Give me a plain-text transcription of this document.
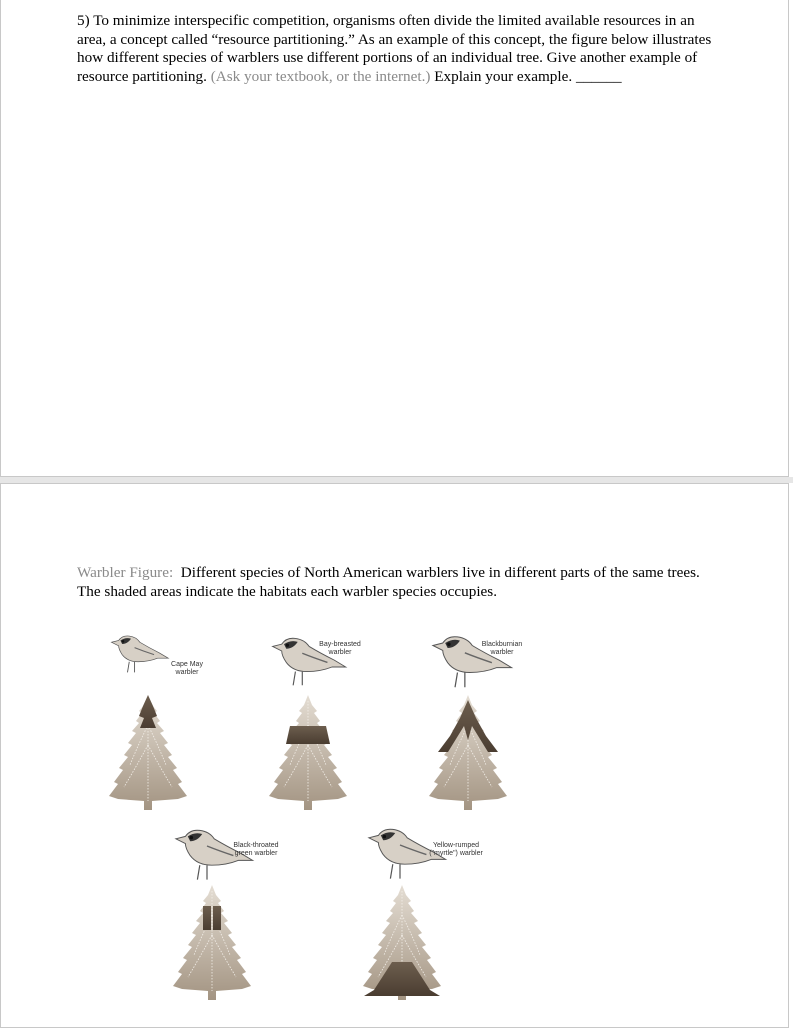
5) To minimize interspecific competition, organisms often divide the limited available resources in an area, a concept called “resource partitioning.” As an example of this concept, the figure below illustrates how different species of warblers use different portions of an individual tree. Give another example of resource partitioning. (Ask your textbook, or the internet.) Explain your example. ______
Warbler Figure: Different species of North American warblers live in different parts of the same trees. The shaded areas indicate the habitats each warbler species occupies.
Cape May
warbler
Bay-breasted
warbler
Blackburnian
warbler
Black-throated
green warbler
Yellow-rumped
("myrtle") warbler
